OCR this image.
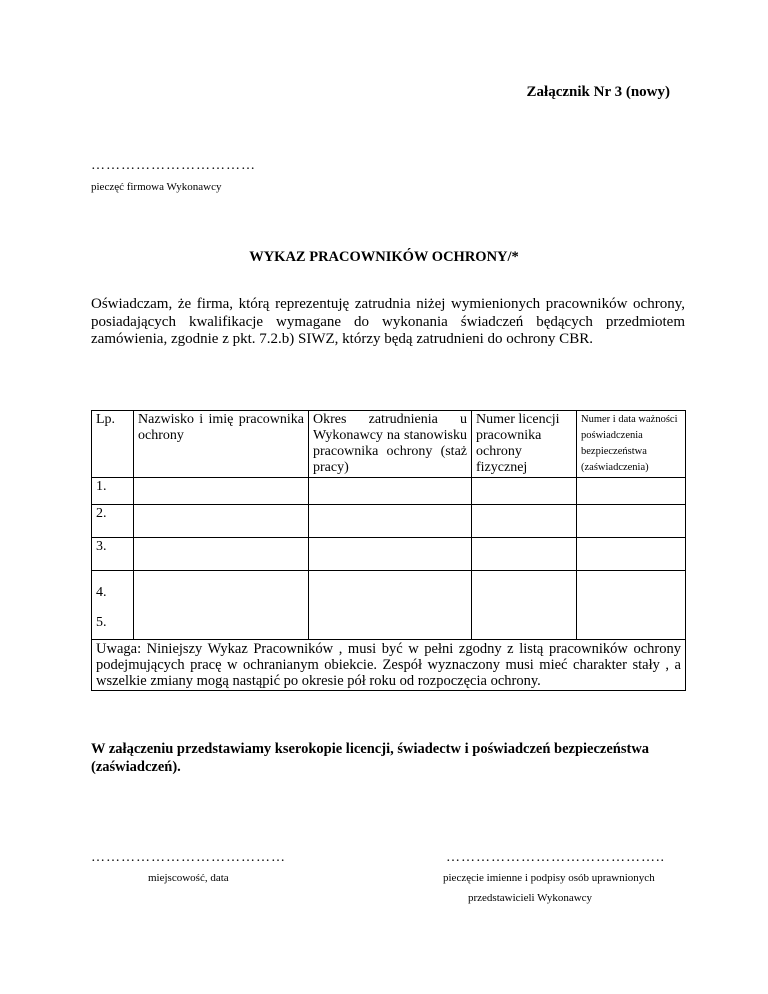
Załącznik Nr 3 (nowy)
……………………………
pieczęć firmowa Wykonawcy
WYKAZ PRACOWNIKÓW OCHRONY/*
Oświadczam, że firma, którą reprezentuję zatrudnia niżej wymienionych pracowników ochrony, posiadających kwalifikacje wymagane do wykonania świadczeń będących przedmiotem zamówienia, zgodnie z pkt. 7.2.b) SIWZ, którzy będą zatrudnieni do ochrony CBR.
Lp.	Nazwisko i imię pracownika ochrony	Okres zatrudnienia u Wykonawcy na stanowisku pracownika ochrony (staż pracy)	Numer licencji pracownika ochrony fizycznej	Numer i data ważności poświadczenia bezpieczeństwa (zaświadczenia)
1.				
2.				
3.				
4.
5.				
Uwaga: Niniejszy Wykaz Pracowników , musi być w pełni zgodny z listą pracowników ochrony podejmujących pracę w ochranianym obiekcie. Zespół wyznaczony musi mieć charakter stały , a wszelkie zmiany mogą nastąpić po okresie pół roku od rozpoczęcia ochrony.				
W załączeniu przedstawiamy kserokopie licencji, świadectw i poświadczeń bezpieczeństwa (zaświadczeń).
…………………………………	……………………………………..
miejscowość, data	pieczęcie imienne i podpisy osób uprawnionych
przedstawicieli Wykonawcy
